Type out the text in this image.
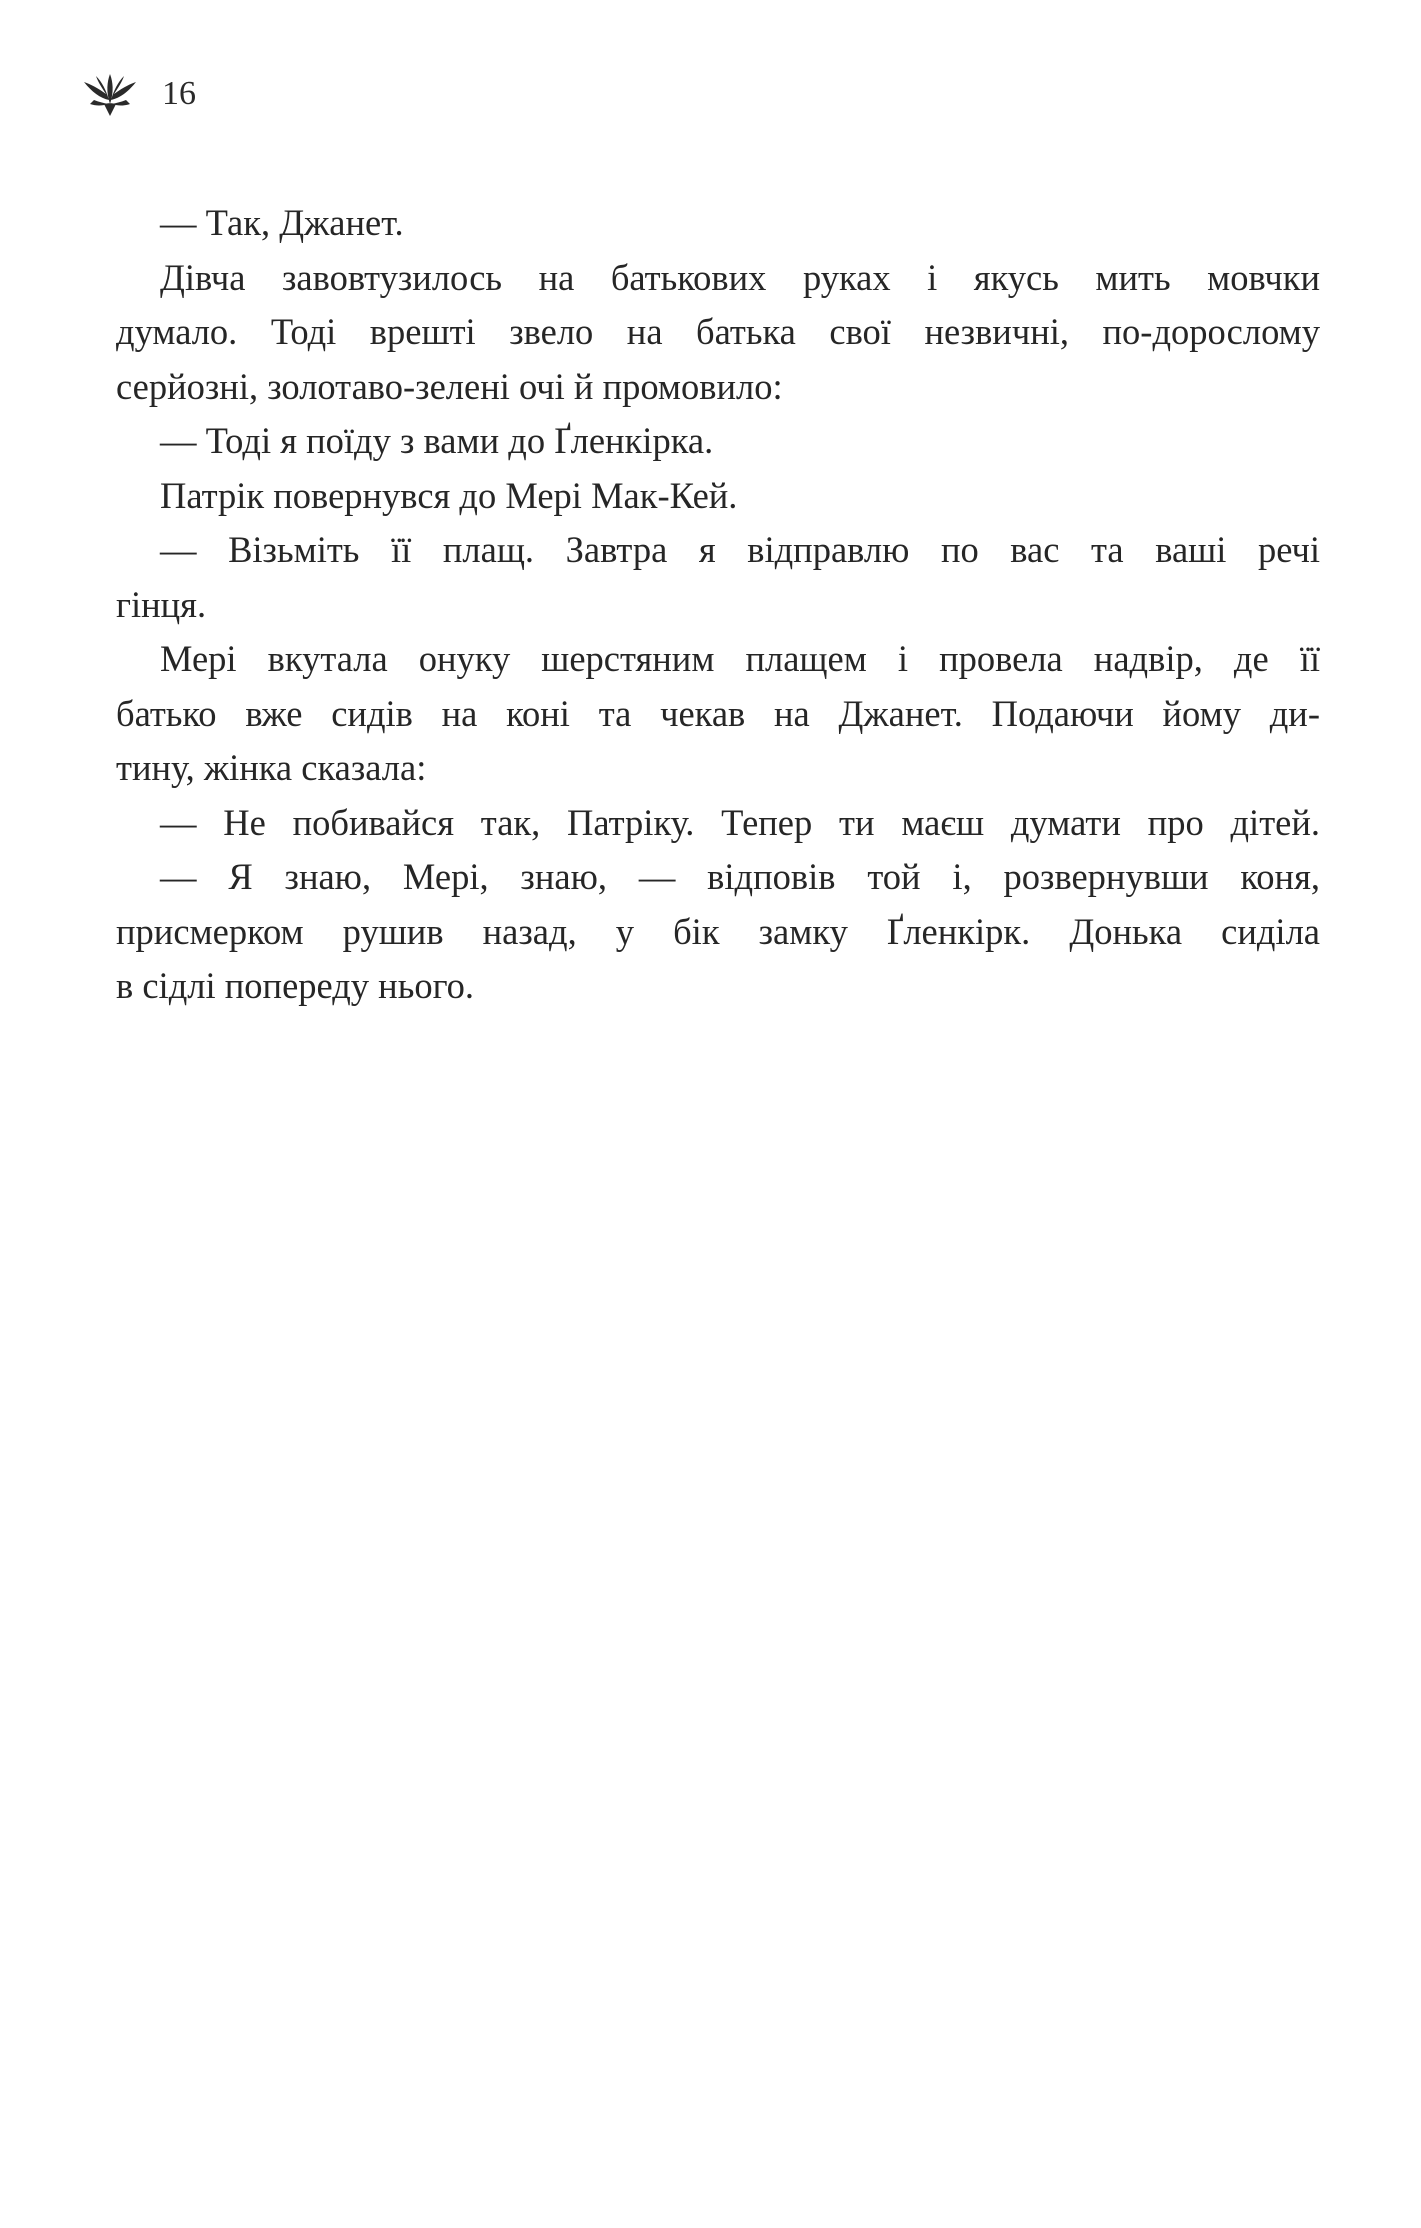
16
— Так, Джанет.
Дівча завовтузилось на батькових руках і якусь мить мовчки
думало. Тоді врешті звело на батька свої незвичні, по-дорослому
серйозні, золотаво-зелені очі й промовило:
— Тоді я поїду з вами до Ґленкірка.
Патрік повернувся до Мері Мак-Кей.
— Візьміть її плащ. Завтра я відправлю по вас та ваші речі
гінця.
Мері вкутала онуку шерстяним плащем і провела надвір, де її
батько вже сидів на коні та чекав на Джанет. Подаючи йому ди-
тину, жінка сказала:
— Не побивайся так, Патріку. Тепер ти маєш думати про дітей.
— Я знаю, Мері, знаю, — відповів той і, розвернувши коня,
присмерком рушив назад, у бік замку Ґленкірк. Донька сиділа
в сідлі попереду нього.
